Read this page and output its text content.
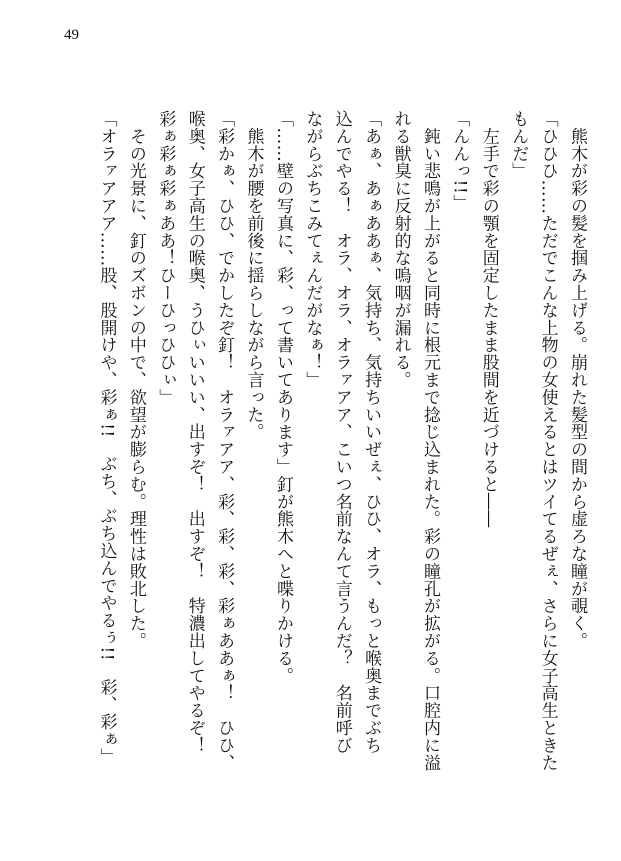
49
　熊木が彩の髪を掴み上げる。崩れた髪型の間から虚ろな瞳が覗く。
「ひひひ……ただでこんな上物の女使えるとはツイてるぜぇ、さらに女子高生ときた
もんだ」
　左手で彩の顎を固定したまま股間を近づけると――
「んんっ!!」
　鈍い悲鳴が上がると同時に根元まで捻じ込まれた。彩の瞳孔が拡がる。口腔内に溢
れる獣臭に反射的な嗚咽が漏れる。
「あぁ、あぁああぁ、気持ち、気持ちいいぜぇ、ひひ、オラ、もっと喉奥までぶち
込んでやる！　オラ、オラ、オラァアア、こいつ名前なんて言うんだ？　名前呼び
ながらぶちこみてぇんだがなぁ！」
「……壁の写真に、彩、って書いてあります」釘が熊木へと喋りかける。
　熊木が腰を前後に揺らしながら言った。
「彩かぁ、ひひ、でかしたぞ釘！　オラァアア、彩、彩、彩、彩ぁああぁ！　ひひ、
喉奥、女子高生の喉奥、うひぃいいい、出すぞ！　出すぞ！　特濃出してやるぞ！
彩ぁ彩ぁ彩ぁああ！ひーひっひひぃ」
　その光景に、釘のズボンの中で、欲望が膨らむ。理性は敗北した。
「オラァアアア……股、股開けや、彩ぁ!!　ぶち、ぶち込んでやるぅ!!　彩、彩ぁ」
